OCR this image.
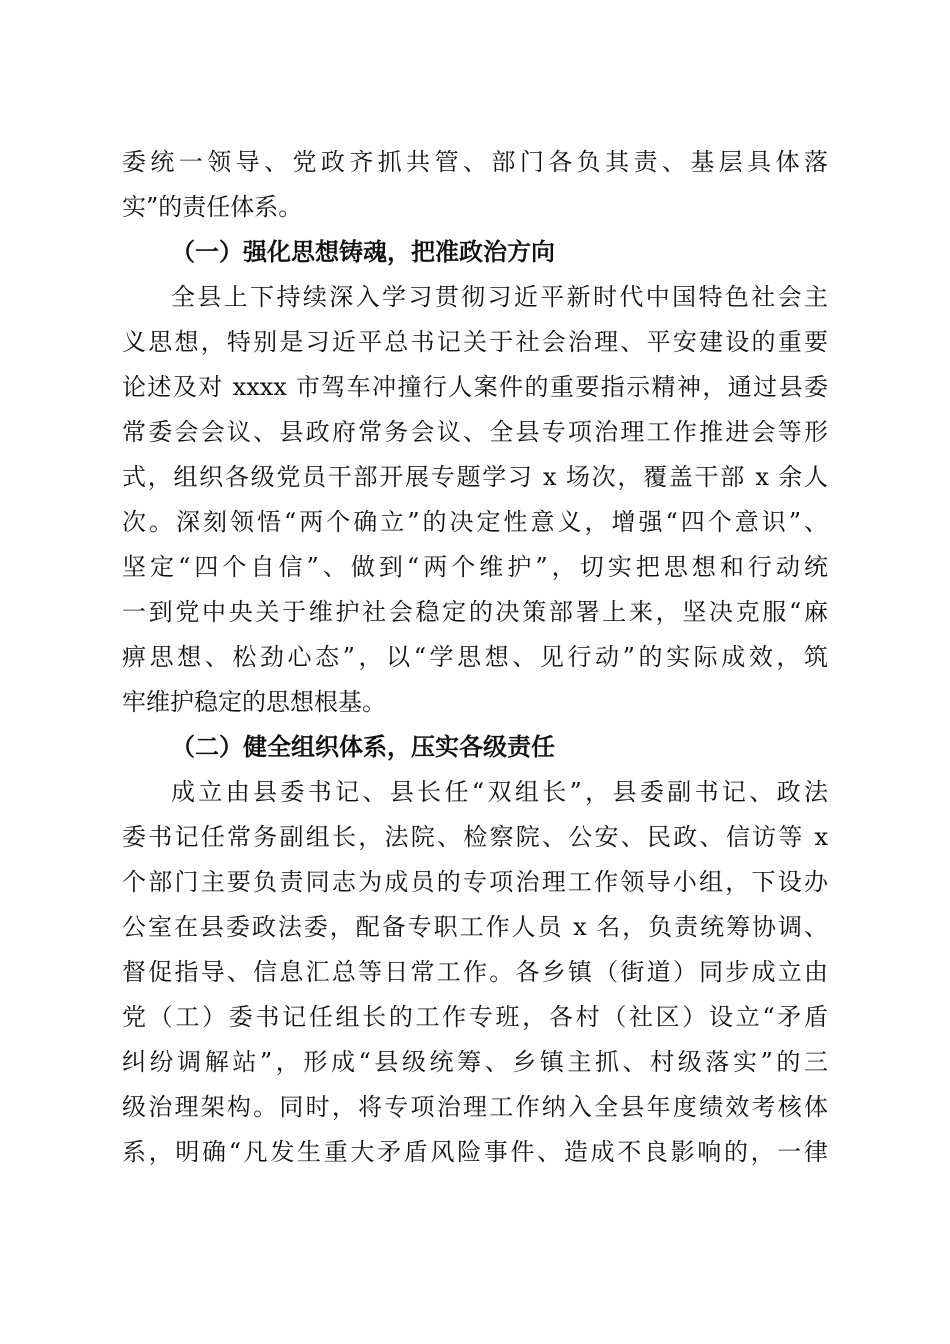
委统一领导、党政齐抓共管、部门各负其责、基层具体落
实”的责任体系。
（一）强化思想铸魂，把准政治方向
全县上下持续深入学习贯彻习近平新时代中国特色社会主
义思想，特别是习近平总书记关于社会治理、平安建设的重要
论述及对 xxxx 市驾车冲撞行人案件的重要指示精神，通过县委
常委会会议、县政府常务会议、全县专项治理工作推进会等形
式，组织各级党员干部开展专题学习 x 场次，覆盖干部 x 余人
次。深刻领悟“两个确立”的决定性意义，增强“四个意识”、
坚定“四个自信”、做到“两个维护”，切实把思想和行动统
一到党中央关于维护社会稳定的决策部署上来，坚决克服“麻
痹思想、松劲心态”，以“学思想、见行动”的实际成效，筑
牢维护稳定的思想根基。
（二）健全组织体系，压实各级责任
成立由县委书记、县长任“双组长”，县委副书记、政法
委书记任常务副组长，法院、检察院、公安、民政、信访等 x
个部门主要负责同志为成员的专项治理工作领导小组，下设办
公室在县委政法委，配备专职工作人员 x 名，负责统筹协调、
督促指导、信息汇总等日常工作。各乡镇（街道）同步成立由
党（工）委书记任组长的工作专班，各村（社区）设立“矛盾
纠纷调解站”，形成“县级统筹、乡镇主抓、村级落实”的三
级治理架构。同时，将专项治理工作纳入全县年度绩效考核体
系，明确“凡发生重大矛盾风险事件、造成不良影响的，一律
